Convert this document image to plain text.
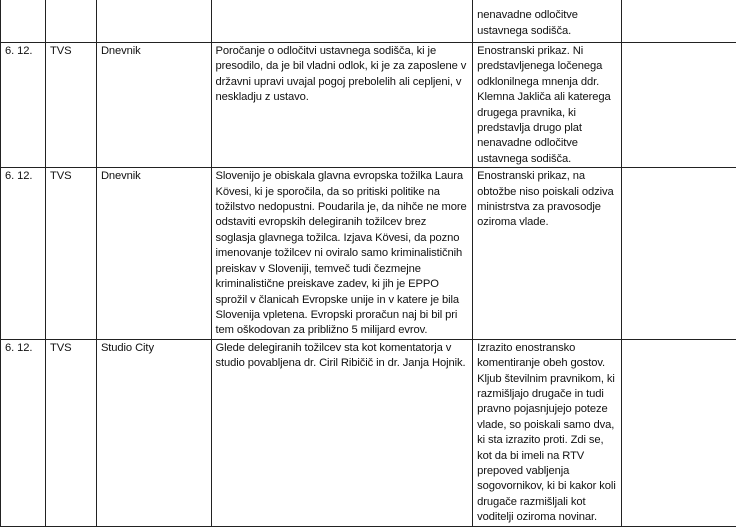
				nenavadne odločitve ustavnega sodišča.	
6. 12.	TVS	Dnevnik	Poročanje o odločitvi ustavnega sodišča, ki je presodilo, da je bil vladni odlok, ki je za zaposlene v državni upravi uvajal pogoj prebolelih ali cepljeni, v neskladju z ustavo.	Enostranski prikaz. Ni predstavljenega ločenega odklonilnega mnenja ddr. Klemna Jakliča ali katerega drugega pravnika, ki predstavlja drugo plat nenavadne odločitve ustavnega sodišča.	
6. 12.	TVS	Dnevnik	Slovenijo je obiskala glavna evropska tožilka Laura Kövesi, ki je sporočila, da so pritiski politike na tožilstvo nedopustni. Poudarila je, da nihče ne more odstaviti evropskih delegiranih tožilcev brez soglasja glavnega tožilca. Izjava Kövesi, da pozno imenovanje tožilcev ni oviralo samo kriminalističnih preiskav v Sloveniji, temveč tudi čezmejne kriminalistične preiskave zadev, ki jih je EPPO sprožil v članicah Evropske unije in v katere je bila Slovenija vpletena. Evropski proračun naj bi bil pri tem oškodovan za približno 5 milijard evrov.	Enostranski prikaz, na obtožbe niso poiskali odziva ministrstva za pravosodje oziroma vlade.	
6. 12.	TVS	Studio City	Glede delegiranih tožilcev sta kot komentatorja v studio povabljena dr. Ciril Ribičič in dr. Janja Hojnik.	Izrazito enostransko komentiranje obeh gostov. Kljub številnim pravnikom, ki razmišljajo drugače in tudi pravno pojasnjujejo poteze vlade, so poiskali samo dva, ki sta izrazito proti. Zdi se, kot da bi imeli na RTV prepoved vabljenja sogovornikov, ki bi kakor koli drugače razmišljali kot voditelji oziroma novinar.	
